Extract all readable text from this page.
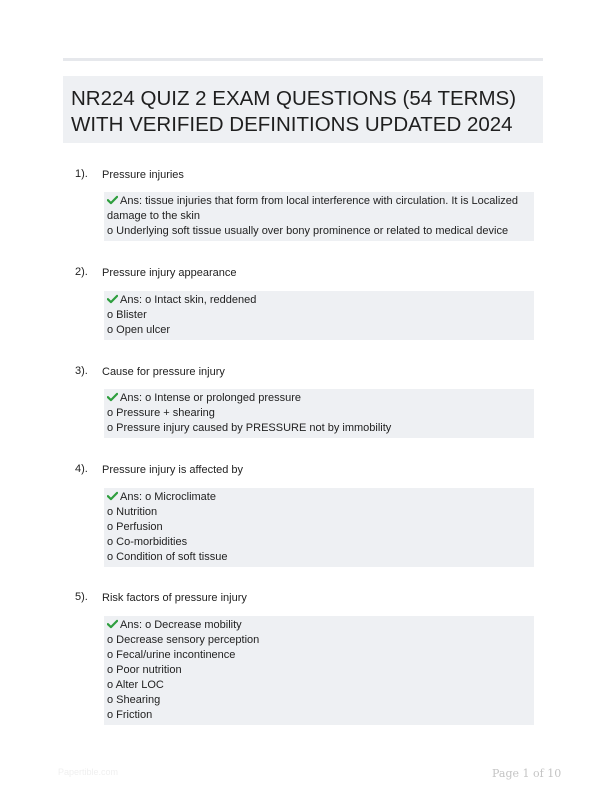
NR224 QUIZ 2 EXAM QUESTIONS (54 TERMS)
WITH VERIFIED DEFINITIONS UPDATED 2024
1). Pressure injuries
Ans: tissue injuries that form from local interference with circulation. It is Localized
damage to the skin
o Underlying soft tissue usually over bony prominence or related to medical device
2). Pressure injury appearance
Ans: o Intact skin, reddened
o Blister
o Open ulcer
3). Cause for pressure injury
Ans: o Intense or prolonged pressure
o Pressure + shearing
o Pressure injury caused by PRESSURE not by immobility
4). Pressure injury is affected by
Ans: o Microclimate
o Nutrition
o Perfusion
o Co-morbidities
o Condition of soft tissue
5). Risk factors of pressure injury
Ans: o Decrease mobility
o Decrease sensory perception
o Fecal/urine incontinence
o Poor nutrition
o Alter LOC
o Shearing
o Friction
Papertible.com	Page 1 of 10
